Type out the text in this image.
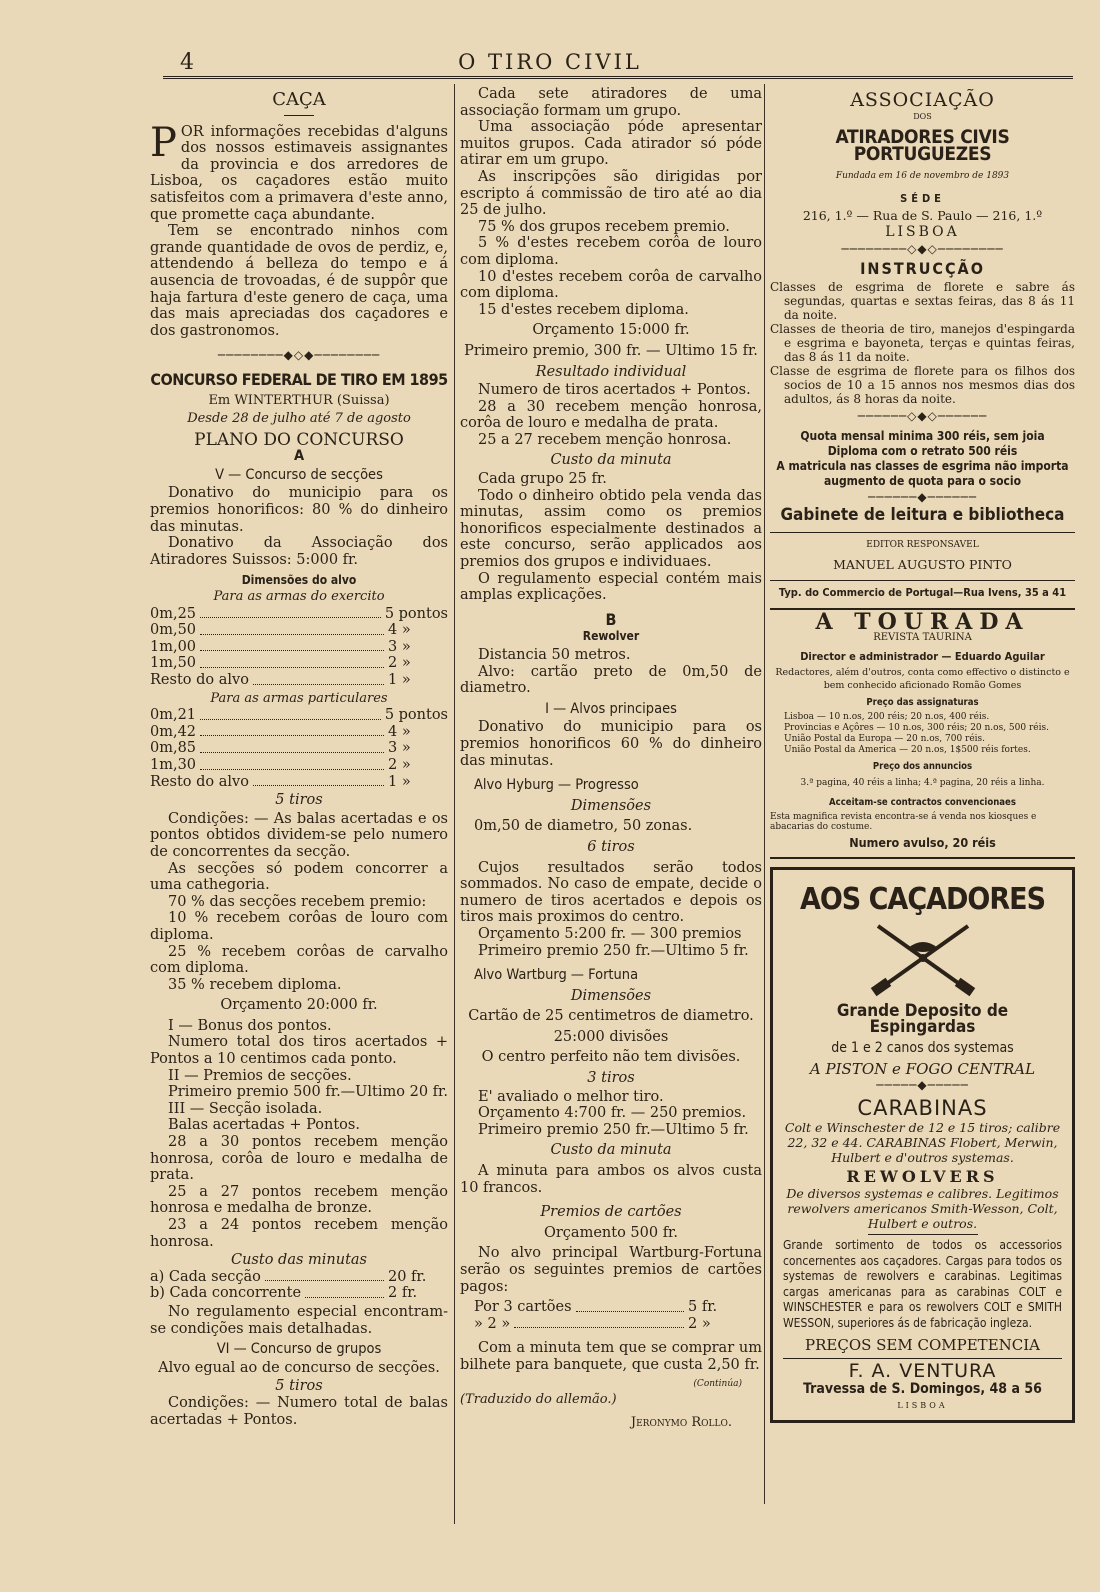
4	O TIRO CIVIL
CAÇA

POR informações recebidas d'alguns dos nossos estimaveis assignantes da provincia e dos arredores de Lisboa, os caçadores estão muito satisfeitos com a primavera d'este anno, que promette caça abundante.

Tem se encontrado ninhos com grande quantidade de ovos de perdiz, e, attendendo á belleza do tempo e á ausencia de trovoadas, é de suppôr que haja fartura d'este genero de caça, uma das mais apreciadas dos caçadores e dos gastronomos.

────────◆◇◆────────
CONCURSO FEDERAL DE TIRO EM 1895
Em WINTERTHUR (Suissa)
Desde 28 de julho até 7 de agosto
PLANO DO CONCURSO
A
V — Concurso de secções

Donativo do municipio para os premios honorificos: 80 % do dinheiro das minutas.

Donativo da Associação dos Atiradores Suissos: 5:000 fr.

Dimensões do alvo
Para as armas do exercito
0m,25	5 pontos
0m,50	4 »
1m,00	3 »
1m,50	2 »
Resto do alvo	1 »
Para as armas particulares
0m,21	5 pontos
0m,42	4 »
0m,85	3 »
1m,30	2 »
Resto do alvo	1 »
5 tiros

Condições: — As balas acertadas e os pontos obtidos dividem-se pelo numero de concorrentes da secção.

As secções só podem concorrer a uma cathegoria.

70 % das secções recebem premio:

10 % recebem corôas de louro com diploma.

25 % recebem corôas de carvalho com diploma.

35 % recebem diploma.

Orçamento 20:000 fr.

I — Bonus dos pontos.

Numero total dos tiros acertados + Pontos a 10 centimos cada ponto.

II — Premios de secções.

Primeiro premio 500 fr.—Ultimo 20 fr.

III — Secção isolada.

Balas acertadas + Pontos.

28 a 30 pontos recebem menção honrosa, corôa de louro e medalha de prata.

25 a 27 pontos recebem menção honrosa e medalha de bronze.

23 a 24 pontos recebem menção honrosa.

Custo das minutas
a) Cada secção	20 fr.
b) Cada concorrente	2 fr.

No regulamento especial encontram-se condições mais detalhadas.

VI — Concurso de grupos
Alvo egual ao de concurso de secções.
5 tiros

Condições: — Numero total de balas acertadas + Pontos.

Cada sete atiradores de uma associação formam um grupo.

Uma associação póde apresentar muitos grupos. Cada atirador só póde atirar em um grupo.

As inscripções são dirigidas por escripto á commissão de tiro até ao dia 25 de julho.

75 % dos grupos recebem premio.

5 % d'estes recebem corôa de louro com diploma.

10 d'estes recebem corôa de carvalho com diploma.

15 d'estes recebem diploma.

Orçamento 15:000 fr.
Primeiro premio, 300 fr. — Ultimo 15 fr.
Resultado individual

Numero de tiros acertados + Pontos.

28 a 30 recebem menção honrosa, corôa de louro e medalha de prata.

25 a 27 recebem menção honrosa.

Custo da minuta

Cada grupo 25 fr.

Todo o dinheiro obtido pela venda das minutas, assim como os premios honorificos especialmente destinados a este concurso, serão applicados aos premios dos grupos e individuaes.

O regulamento especial contém mais amplas explicações.

B
Rewolver

Distancia 50 metros.

Alvo: cartão preto de 0m,50 de diametro.

I — Alvos principaes

Donativo do municipio para os premios honorificos 60 % do dinheiro das minutas.

Alvo Hyburg — Progresso
Dimensões
0m,50 de diametro, 50 zonas.
6 tiros

Cujos resultados serão todos sommados. No caso de empate, decide o numero de tiros acertados e depois os tiros mais proximos do centro.

Orçamento 5:200 fr. — 300 premios

Primeiro premio 250 fr.—Ultimo 5 fr.

Alvo Wartburg — Fortuna
Dimensões
Cartão de 25 centimetros de diametro.
25:000 divisões
O centro perfeito não tem divisões.
3 tiros

E' avaliado o melhor tiro.

Orçamento 4:700 fr. — 250 premios.

Primeiro premio 250 fr.—Ultimo 5 fr.

Custo da minuta

A minuta para ambos os alvos custa 10 francos.

Premios de cartões
Orçamento 500 fr.

No alvo principal Wartburg-Fortuna serão os seguintes premios de cartões pagos:

Por 3 cartões	5 fr.
» 2 »	2 »

Com a minuta tem que se comprar um bilhete para banquete, que custa 2,50 fr.

(Continúa)
(Traduzido do allemão.)
Jeronymo Rollo.
ASSOCIAÇÃO
DOS
ATIRADORES CIVIS PORTUGUEZES
Fundada em 16 de novembro de 1893
SÉDE
216, 1.º — Rua de S. Paulo — 216, 1.º
LISBOA
────────◇◆◇────────
INSTRUCÇÃO

Classes de esgrima de florete e sabre ás segundas, quartas e sextas feiras, das 8 ás 11 da noite.

Classes de theoria de tiro, manejos d'espingarda e esgrima e bayoneta, terças e quintas feiras, das 8 ás 11 da noite.

Classe de esgrima de florete para os filhos dos socios de 10 a 15 annos nos mesmos dias dos adultos, ás 8 horas da noite.

──────◇◆◇──────
Quota mensal minima 300 réis, sem joia
Diploma com o retrato 500 réis
A matricula nas classes de esgrima não importa augmento de quota para o socio
──────◆──────
Gabinete de leitura e bibliotheca
EDITOR RESPONSAVEL
MANUEL AUGUSTO PINTO
Typ. do Commercio de Portugal—Rua Ivens, 35 a 41
A TOURADA
REVISTA TAURINA
Director e administrador — Eduardo Aguilar
Redactores, além d'outros, conta como effectivo o distincto e bem conhecido aficionado Romão Gomes
Preço das assignaturas

Lisboa — 10 n.os, 200 réis; 20 n.os, 400 réis.

Provincias e Açôres — 10 n.os, 300 réis; 20 n.os, 500 réis.

União Postal da Europa — 20 n.os, 700 réis.

União Postal da America — 20 n.os, 1$500 réis fortes.

Preço dos annuncios
3.ª pagina, 40 réis a linha; 4.ª pagina, 20 réis a linha.
Acceitam-se contractos convencionaes
Esta magnifica revista encontra-se á venda nos kiosques e abacarias do costume.
Numero avulso, 20 réis
AOS CAÇADORES
Grande Deposito de Espingardas
de 1 e 2 canos dos systemas
A PISTON e FOGO CENTRAL
─────◆─────
CARABINAS
Colt e Winschester de 12 e 15 tiros; calibre 22, 32 e 44. CARABINAS Flobert, Merwin, Hulbert e d'outros systemas.
REWOLVERS
De diversos systemas e calibres. Legitimos rewolvers americanos Smith-Wesson, Colt, Hulbert e outros.

Grande sortimento de todos os accessorios concernentes aos caçadores. Cargas para todos os systemas de rewolvers e carabinas. Legitimas cargas americanas para as carabinas COLT e WINSCHESTER e para os rewolvers COLT e SMITH WESSON, superiores ás de fabricação ingleza.

PREÇOS SEM COMPETENCIA
F. A. VENTURA
Travessa de S. Domingos, 48 a 56
LISBOA
